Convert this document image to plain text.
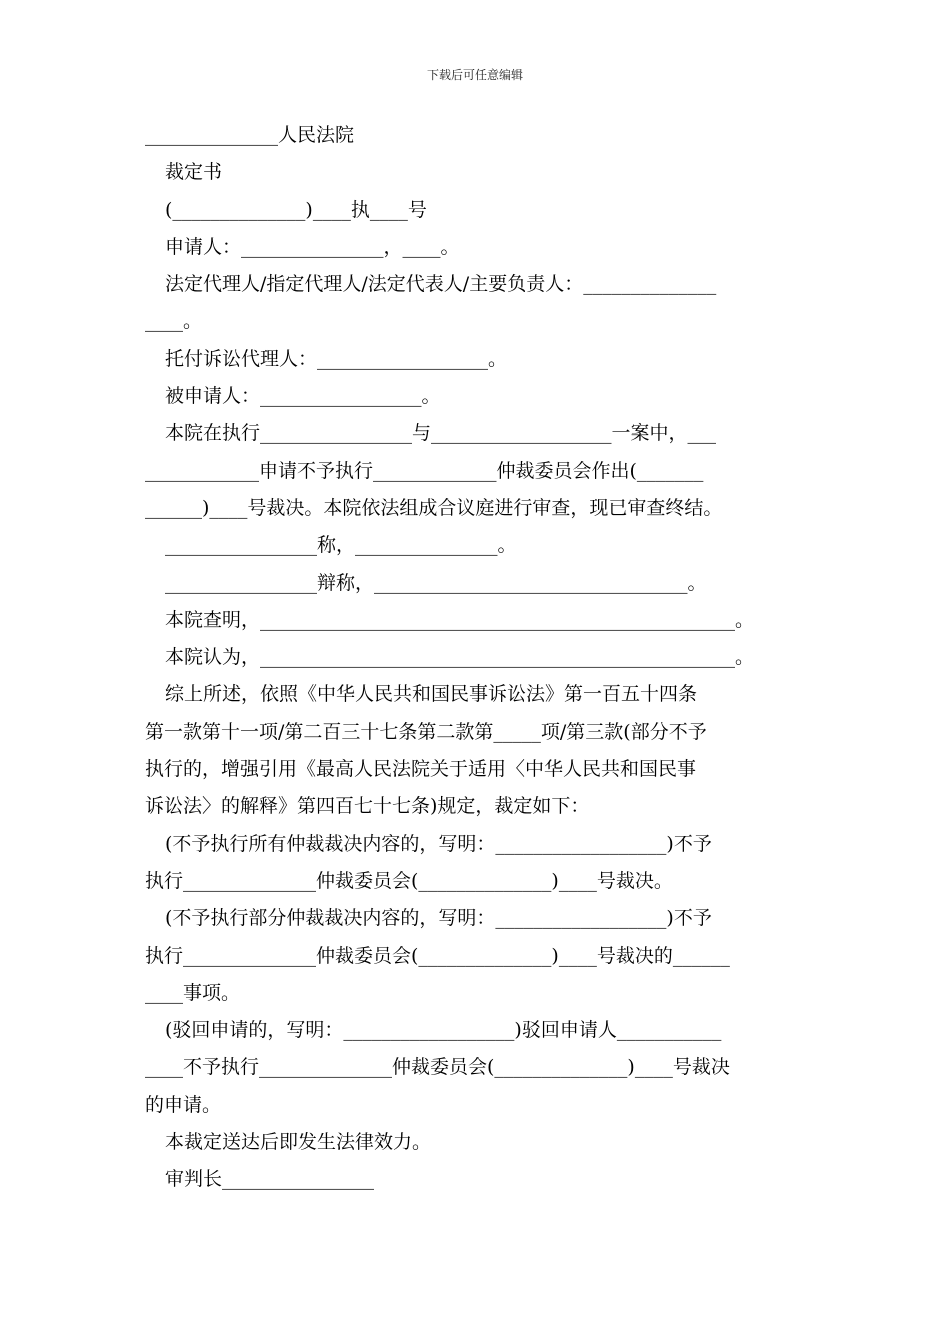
下载后可任意编辑
______________人民法院
裁定书
(______________)____执____号
申请人：_______________，____。
法定代理人/指定代理人/法定代表人/主要负责人：______________
____。
托付诉讼代理人：__________________。
被申请人：_________________。
本院在执行________________与___________________一案中，___
____________申请不予执行_____________仲裁委员会作出(_______
______)____号裁决。本院依法组成合议庭进行审查，现已审查终结。
________________称，_______________。
________________辩称，_________________________________。
本院查明，__________________________________________________。
本院认为，__________________________________________________。
综上所述，依照《中华人民共和国民事诉讼法》第一百五十四条
第一款第十一项/第二百三十七条第二款第_____项/第三款(部分不予
执行的，增强引用《最高人民法院关于适用〈中华人民共和国民事
诉讼法〉的解释》第四百七十七条)规定，裁定如下：
(不予执行所有仲裁裁决内容的，写明：__________________)不予
执行______________仲裁委员会(______________)____号裁决。
(不予执行部分仲裁裁决内容的，写明：__________________)不予
执行______________仲裁委员会(______________)____号裁决的______
____事项。
(驳回申请的，写明：__________________)驳回申请人___________
____不予执行______________仲裁委员会(______________)____号裁决
的申请。
本裁定送达后即发生法律效力。
审判长________________
